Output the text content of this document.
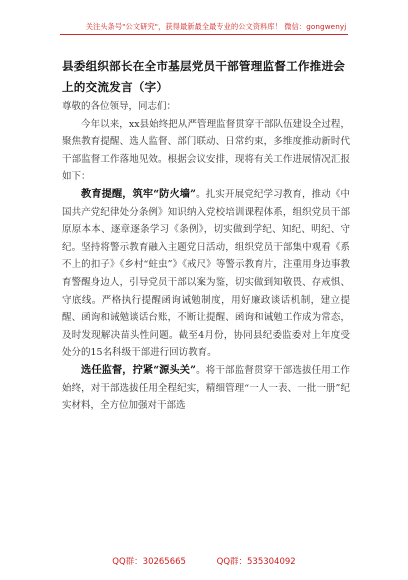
关注头条号"公文研究"，获得最新最全最专业的公文资料库！ 微信：gongwenyj
县委组织部长在全市基层党员干部管理监督工作推进会上的交流发言（字）

尊敬的各位领导，同志们：

今年以来，xx县始终把从严管理监督贯穿干部队伍建设全过程，聚焦教育提醒、选人监督、部门联动、日常约束，多维度推动新时代干部监督工作落地见效。根据会议安排，现将有关工作进展情况汇报如下：

教育提醒，筑牢“防火墙”。扎实开展党纪学习教育，推动《中国共产党纪律处分条例》知识纳入党校培训课程体系，组织党员干部原原本本、逐章逐条学习《条例》，切实做到学纪、知纪、明纪、守纪。坚持将警示教育融入主题党日活动，组织党员干部集中观看《系不上的扣子》《乡村“蛀虫”》《戒尺》等警示教育片，注重用身边事教育警醒身边人，引导党员干部以案为鉴，切实做到知敬畏、存戒惧、守底线。严格执行提醒函询诫勉制度，用好廉政谈话机制，建立提醒、函询和诫勉谈话台账，不断让提醒、函询和诫勉工作成为常态，及时发现解决苗头性问题。截至4月份，协同县纪委监委对上年度受处分的15名科级干部进行回访教育。

选任监督，拧紧“源头关”。将干部监督贯穿干部选拔任用工作始终，对干部选拔任用全程纪实，精细管理“一人一表、一批一册”纪实材料，全方位加强对干部选

QQ群：30265665	QQ群：535304092
